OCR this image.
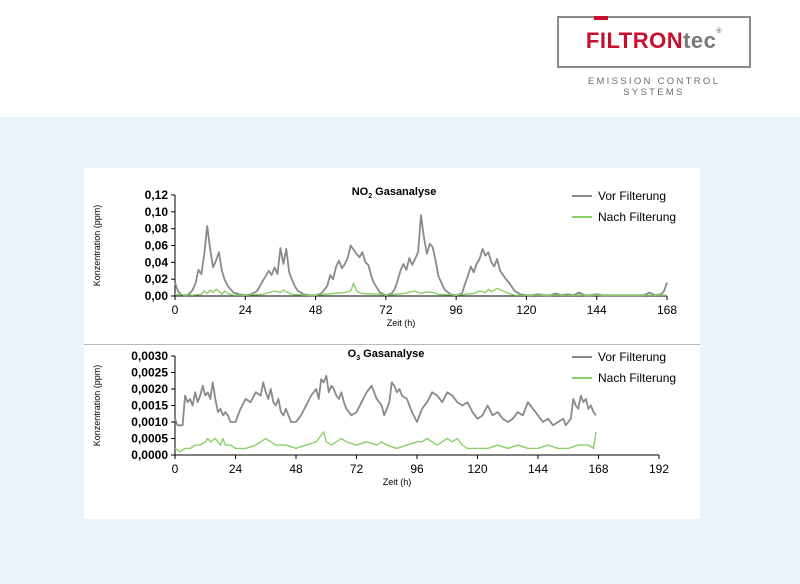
FILTRONtec®
EMISSION CONTROL SYSTEMS
0,00
0,02
0,04
0,06
0,08
0,10
0,12
0	24	48	72	96	120	144	168
Zeit (h)
Konzentration (ppm)
$NO_2$ Gasanalyse	Vor Filterung
Nach Filterung
0,0000
0,0005
0,0010
0,0015
0,0020
0,0025
0,0030
0	24	48	72	96	120	144	168	192
Zeit (h)
Konzentration (ppm)
$O_3$ Gasanalyse	Vor Filterung
Nach Filterung
